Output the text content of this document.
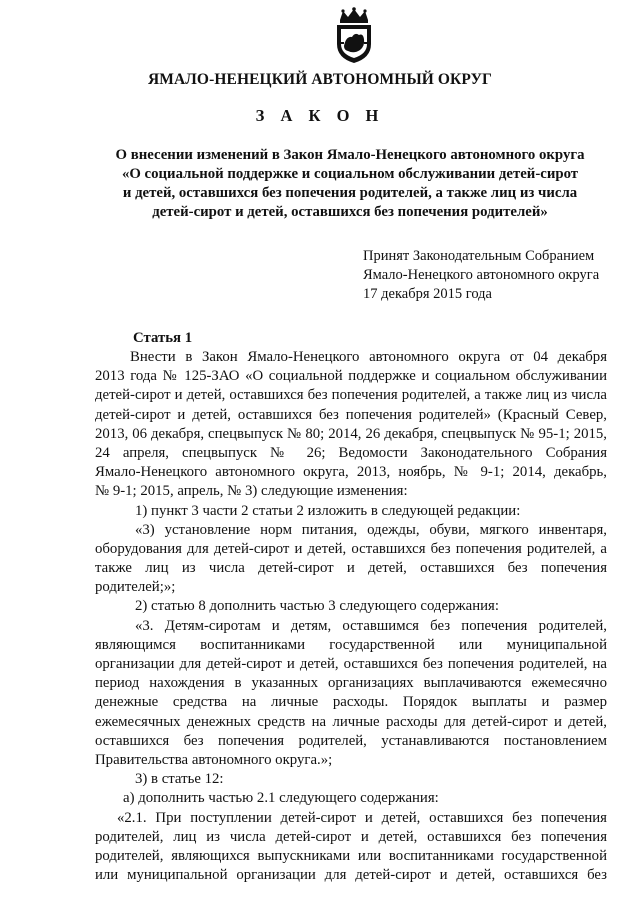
ЯМАЛО-НЕНЕЦКИЙ АВТОНОМНЫЙ ОКРУГ
З А К О Н
О внесении изменений в Закон Ямало-Ненецкого автономного округа
«О социальной поддержке и социальном обслуживании детей-сирот
и детей, оставшихся без попечения родителей, а также лиц из числа
детей-сирот и детей, оставшихся без попечения родителей»
Принят Законодательным Собранием
Ямало-Ненецкого автономного округа
17 декабря 2015 года
Статья 1
Внести в Закон Ямало-Ненецкого автономного округа от 04 декабря
2013 года № 125-ЗАО «О социальной поддержке и социальном обслуживании
детей-сирот и детей, оставшихся без попечения родителей, а также лиц из числа
детей-сирот и детей, оставшихся без попечения родителей» (Красный Север,
2013, 06 декабря, спецвыпуск № 80; 2014, 26 декабря, спецвыпуск № 95-1; 2015,
24 апреля, спецвыпуск № 26; Ведомости Законодательного Собрания
Ямало-Ненецкого автономного округа, 2013, ноябрь, № 9-1; 2014, декабрь,
№ 9-1; 2015, апрель, № 3) следующие изменения:
1) пункт 3 части 2 статьи 2 изложить в следующей редакции:
«3) установление норм питания, одежды, обуви, мягкого инвентаря,
оборудования для детей-сирот и детей, оставшихся без попечения родителей, а
также лиц из числа детей-сирот и детей, оставшихся без попечения
родителей;»;
2) статью 8 дополнить частью 3 следующего содержания:
«3. Детям-сиротам и детям, оставшимся без попечения родителей,
являющимся воспитанниками государственной или муниципальной
организации для детей-сирот и детей, оставшихся без попечения родителей, на
период нахождения в указанных организациях выплачиваются ежемесячно
денежные средства на личные расходы. Порядок выплаты и размер
ежемесячных денежных средств на личные расходы для детей-сирот и детей,
оставшихся без попечения родителей, устанавливаются постановлением
Правительства автономного округа.»;
3) в статье 12:
а) дополнить частью 2.1 следующего содержания:
«2.1. При поступлении детей-сирот и детей, оставшихся без попечения
родителей, лиц из числа детей-сирот и детей, оставшихся без попечения
родителей, являющихся выпускниками или воспитанниками государственной
или муниципальной организации для детей-сирот и детей, оставшихся без
